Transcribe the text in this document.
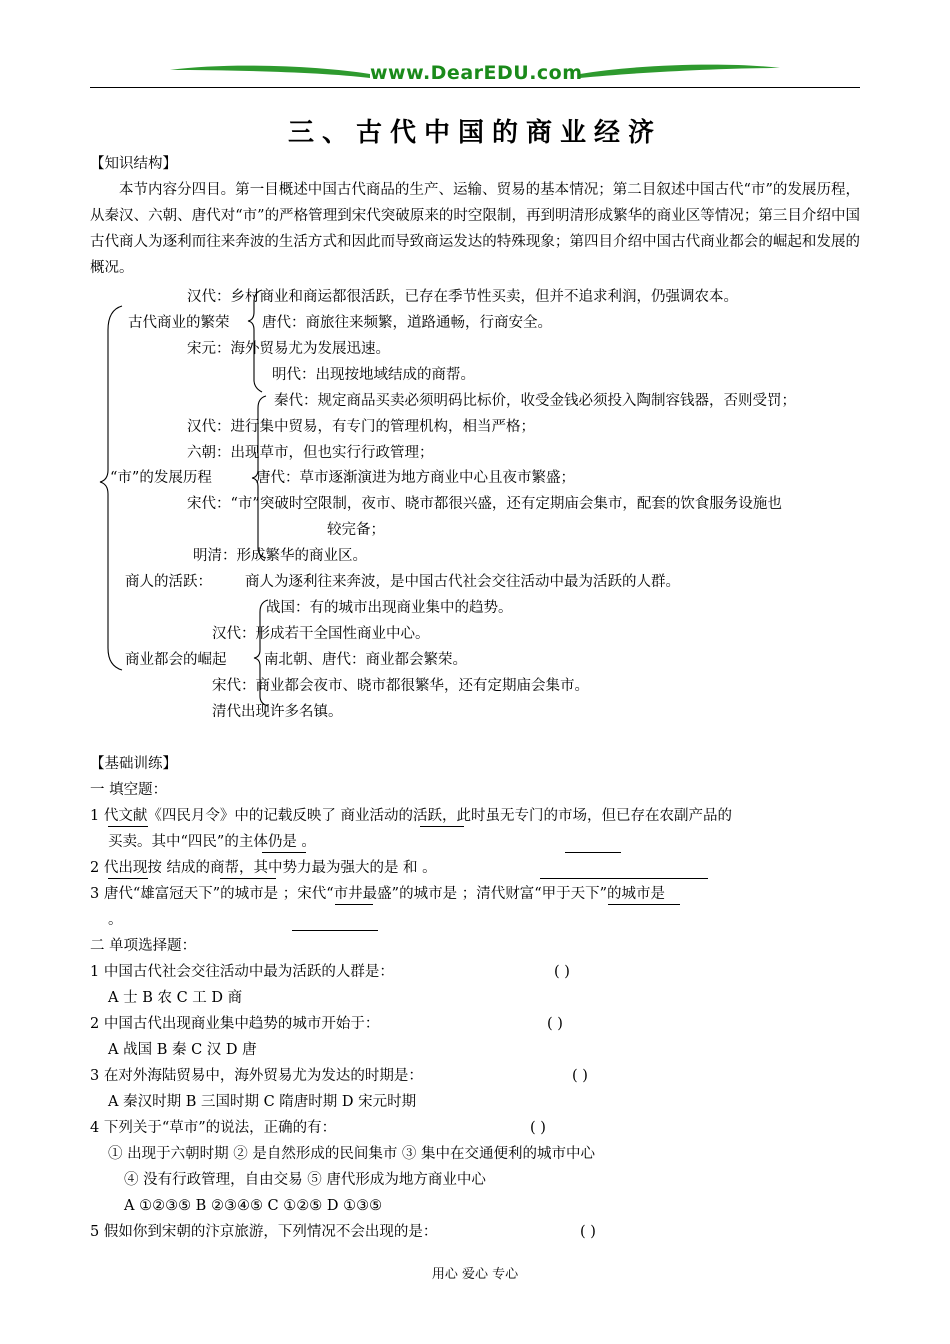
www.DearEDU.com
三、古代中国的商业经济
【知识结构】
本节内容分四目。第一目概述中国古代商品的生产、运输、贸易的基本情况；第二目叙述中国古代“市”的发展历程，从秦汉、六朝、唐代对“市”的严格管理到宋代突破原来的时空限制，再到明清形成繁华的商业区等情况；第三目介绍中国古代商人为逐利而往来奔波的生活方式和因此而导致商运发达的特殊现象；第四目介绍中国古代商业都会的崛起和发展的概况。
汉代：乡村商业和商运都很活跃，已存在季节性买卖，但并不追求利润，仍强调农本。
古代商业的繁荣 唐代：商旅往来频繁，道路通畅，行商安全。
宋元：海外贸易尤为发展迅速。
明代：出现按地域结成的商帮。
秦代：规定商品买卖必须明码比标价，收受金钱必须投入陶制容钱器，否则受罚；
汉代：进行集中贸易，有专门的管理机构，相当严格；
六朝：出现草市，但也实行行政管理；
“市”的发展历程	唐代：草市逐渐演进为地方商业中心且夜市繁盛；
宋代：“市”突破时空限制，夜市、晓市都很兴盛，还有定期庙会集市，配套的饮食服务设施也
较完备；
明清：形成繁华的商业区。
商人的活跃： 商人为逐利往来奔波，是中国古代社会交往活动中最为活跃的人群。
战国：有的城市出现商业集中的趋势。
汉代：形成若干全国性商业中心。
商业都会的崛起	南北朝、唐代：商业都会繁荣。
宋代：商业都会夜市、晓市都很繁华，还有定期庙会集市。
清代出现许多名镇。
【基础训练】
一 填空题：
1 代文献《四民月令》中的记载反映了 商业活动的活跃，此时虽无专门的市场，但已存在农副产品的
买卖。其中“四民”的主体仍是 。
2 代出现按 结成的商帮，其中势力最为强大的是 和 。
3 唐代“雄富冠天下”的城市是 ；宋代“市井最盛”的城市是 ；清代财富“甲于天下”的城市是
。
二 单项选择题：
1 中国古代社会交往活动中最为活跃的人群是：	( )
A 士 B 农 C 工 D 商
2 中国古代出现商业集中趋势的城市开始于：	( )
A 战国 B 秦 C 汉 D 唐
3 在对外海陆贸易中，海外贸易尤为发达的时期是：	( )
A 秦汉时期 B 三国时期 C 隋唐时期 D 宋元时期
4 下列关于“草市”的说法，正确的有：	( )
① 出现于六朝时期 ② 是自然形成的民间集市 ③ 集中在交通便利的城市中心
④ 没有行政管理，自由交易 ⑤ 唐代形成为地方商业中心
A ①②③⑤ B ②③④⑤ C ①②⑤ D ①③⑤
5 假如你到宋朝的汴京旅游，下列情况不会出现的是：	( )
用心 爱心 专心
